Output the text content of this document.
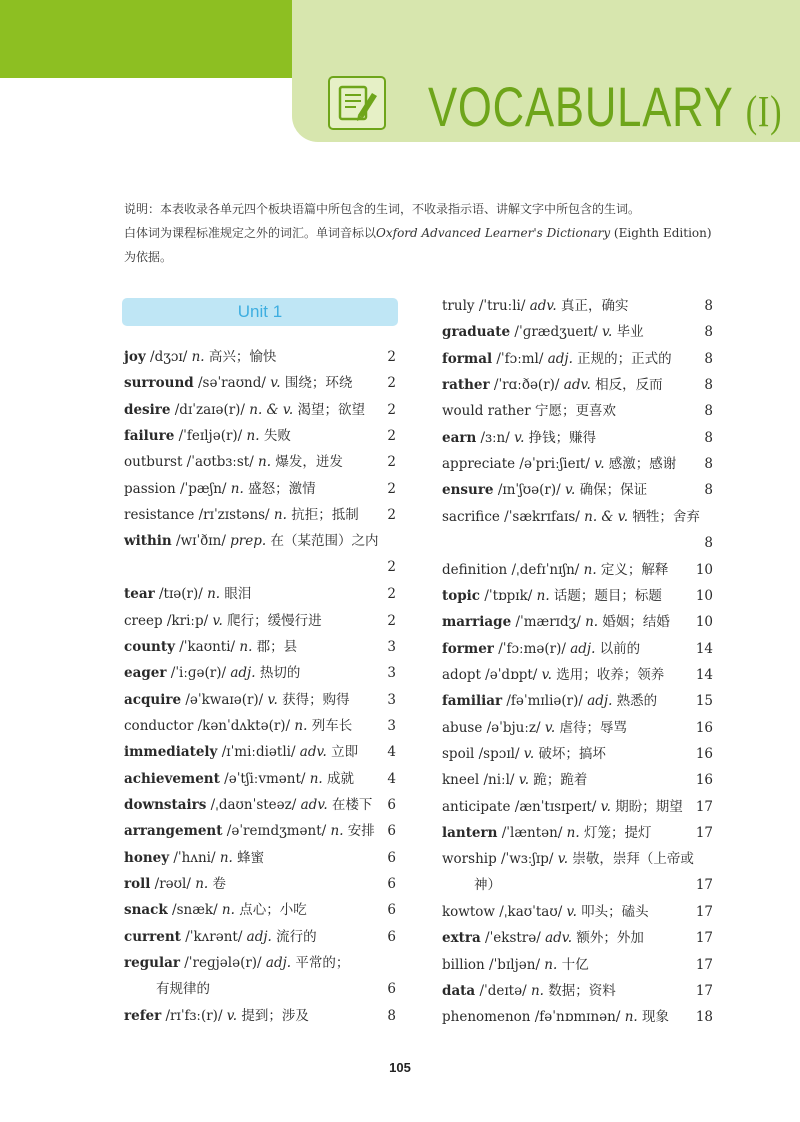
VOCABULARY (I)

说明：本表收录各单元四个板块语篇中所包含的生词，不收录指示语、讲解文字中所包含的生词。

白体词为课程标准规定之外的词汇。单词音标以Oxford Advanced Learner's Dictionary (Eighth Edition)

为依据。

Unit 1
105
joy /dʒɔɪ/ n. 高兴；愉快	2
surround /səˈraʊnd/ v. 围绕；环绕	2
desire /dɪˈzaɪə(r)/ n. & v. 渴望；欲望 2
failure /ˈfeɪljə(r)/ n. 失败	2
outburst /ˈaʊtbɜːst/ n. 爆发，迸发	2
passion /ˈpæʃn/ n. 盛怒；激情	2
resistance /rɪˈzɪstəns/ n. 抗拒；抵制 2
within /wɪˈðɪn/ prep. 在（某范围）之内
2
tear /tɪə(r)/ n. 眼泪	2
creep /kriːp/ v. 爬行；缓慢行进	2
county /ˈkaʊnti/ n. 郡；县	3
eager /ˈiːɡə(r)/ adj. 热切的	3
acquire /əˈkwaɪə(r)/ v. 获得；购得	3
conductor /kənˈdʌktə(r)/ n. 列车长	3
immediately /ɪˈmiːdiətli/ adv. 立即 4
achievement /əˈtʃiːvmənt/ n. 成就 4
downstairs /ˌdaʊnˈsteəz/ adv. 在楼下 6
arrangement /əˈreɪndʒmənt/ n. 安排 6
honey /ˈhʌni/ n. 蜂蜜	6
roll /rəʊl/ n. 卷	6
snack /snæk/ n. 点心；小吃	6
current /ˈkʌrənt/ adj. 流行的	6
regular /ˈreɡjələ(r)/ adj. 平常的；
有规律的	6
refer /rɪˈfɜː(r)/ v. 提到；涉及	8
truly /ˈtruːli/ adv. 真正，确实	8
graduate /ˈɡrædʒueɪt/ v. 毕业	8
formal /ˈfɔːml/ adj. 正规的；正式的 8
rather /ˈrɑːðə(r)/ adv. 相反，反而	8
would rather 宁愿；更喜欢	8
earn /ɜːn/ v. 挣钱；赚得	8
appreciate /əˈpriːʃieɪt/ v. 感激；感谢 8
ensure /ɪnˈʃʊə(r)/ v. 确保；保证	8
sacrifice /ˈsækrɪfaɪs/ n. & v. 牺牲；舍弃
8
definition /ˌdefɪˈnɪʃn/ n. 定义；解释 10
topic /ˈtɒpɪk/ n. 话题；题目；标题	10
marriage /ˈmærɪdʒ/ n. 婚姻；结婚 10
former /ˈfɔːmə(r)/ adj. 以前的	14
adopt /əˈdɒpt/ v. 选用；收养；领养 14
familiar /fəˈmɪliə(r)/ adj. 熟悉的	15
abuse /əˈbjuːz/ v. 虐待；辱骂	16
spoil /spɔɪl/ v. 破坏；搞坏	16
kneel /niːl/ v. 跪；跪着	16
anticipate /ænˈtɪsɪpeɪt/ v. 期盼；期望 17
lantern /ˈlæntən/ n. 灯笼；提灯	17
worship /ˈwɜːʃɪp/ v. 崇敬，崇拜（上帝或
神）	17
kowtow /ˌkaʊˈtaʊ/ v. 叩头；磕头	17
extra /ˈekstrə/ adv. 额外；外加	17
billion /ˈbɪljən/ n. 十亿	17
data /ˈdeɪtə/ n. 数据；资料	17
phenomenon /fəˈnɒmɪnən/ n. 现象 18
